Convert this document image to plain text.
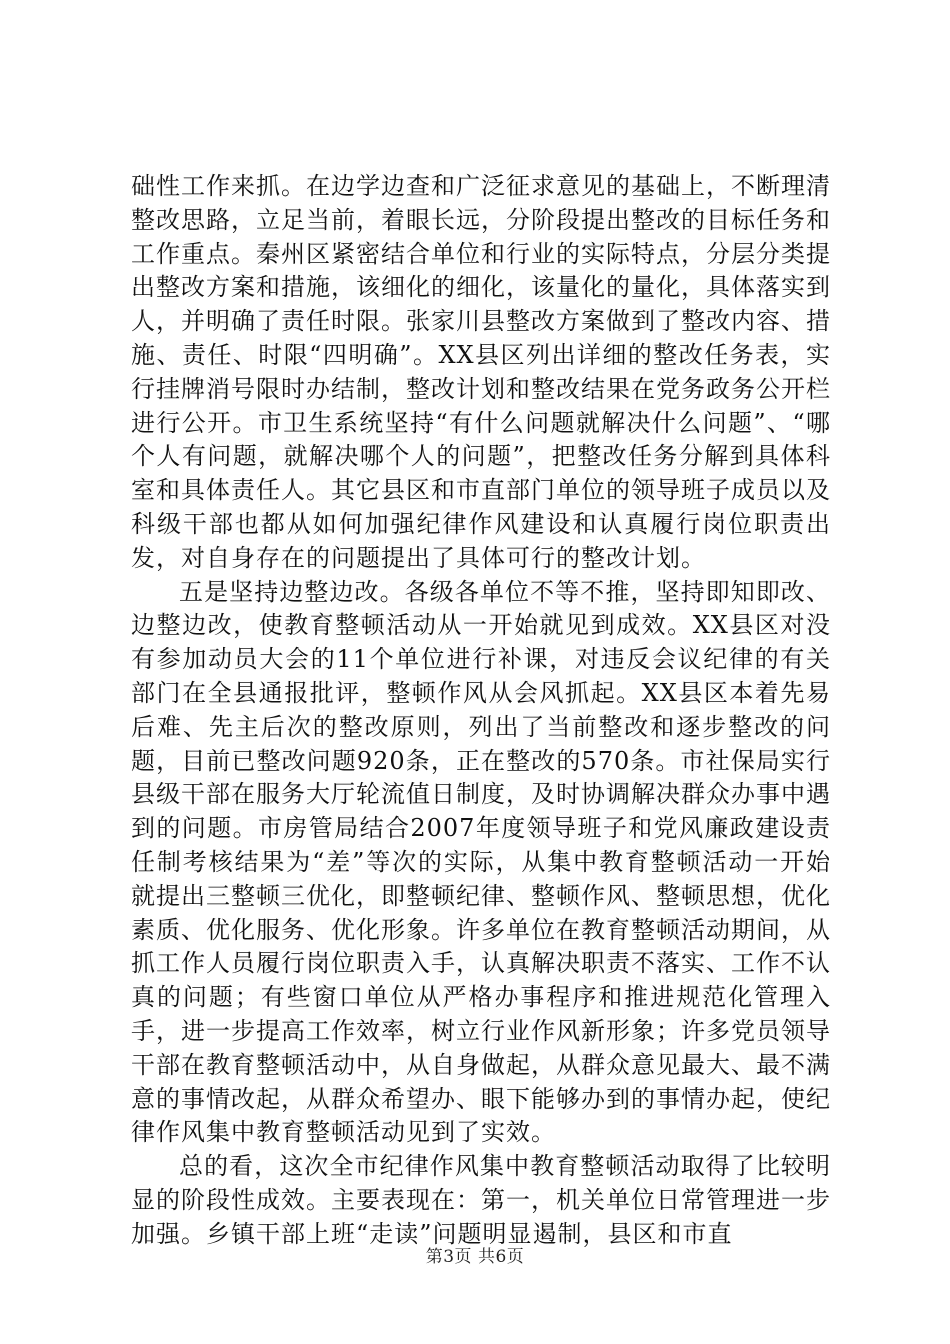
础性工作来抓。在边学边查和广泛征求意见的基础上，不断理清整改思路，立足当前，着眼长远，分阶段提出整改的目标任务和工作重点。秦州区紧密结合单位和行业的实际特点，分层分类提出整改方案和措施，该细化的细化，该量化的量化，具体落实到人，并明确了责任时限。张家川县整改方案做到了整改内容、措施、责任、时限“四明确”。XX县区列出详细的整改任务表，实行挂牌消号限时办结制，整改计划和整改结果在党务政务公开栏进行公开。市卫生系统坚持“有什么问题就解决什么问题”、“哪个人有问题，就解决哪个人的问题”，把整改任务分解到具体科室和具体责任人。其它县区和市直部门单位的领导班子成员以及科级干部也都从如何加强纪律作风建设和认真履行岗位职责出发，对自身存在的问题提出了具体可行的整改计划。

五是坚持边整边改。各级各单位不等不推，坚持即知即改、边整边改，使教育整顿活动从一开始就见到成效。XX县区对没有参加动员大会的11个单位进行补课，对违反会议纪律的有关部门在全县通报批评，整顿作风从会风抓起。XX县区本着先易后难、先主后次的整改原则，列出了当前整改和逐步整改的问题，目前已整改问题920条，正在整改的570条。市社保局实行县级干部在服务大厅轮流值日制度，及时协调解决群众办事中遇到的问题。市房管局结合2007年度领导班子和党风廉政建设责任制考核结果为“差”等次的实际，从集中教育整顿活动一开始就提出三整顿三优化，即整顿纪律、整顿作风、整顿思想，优化素质、优化服务、优化形象。许多单位在教育整顿活动期间，从抓工作人员履行岗位职责入手，认真解决职责不落实、工作不认真的问题；有些窗口单位从严格办事程序和推进规范化管理入手，进一步提高工作效率，树立行业作风新形象；许多党员领导干部在教育整顿活动中，从自身做起，从群众意见最大、最不满意的事情改起，从群众希望办、眼下能够办到的事情办起，使纪律作风集中教育整顿活动见到了实效。

总的看，这次全市纪律作风集中教育整顿活动取得了比较明显的阶段性成效。主要表现在：第一，机关单位日常管理进一步加强。乡镇干部上班“走读”问题明显遏制，县区和市直

第3页 共6页
